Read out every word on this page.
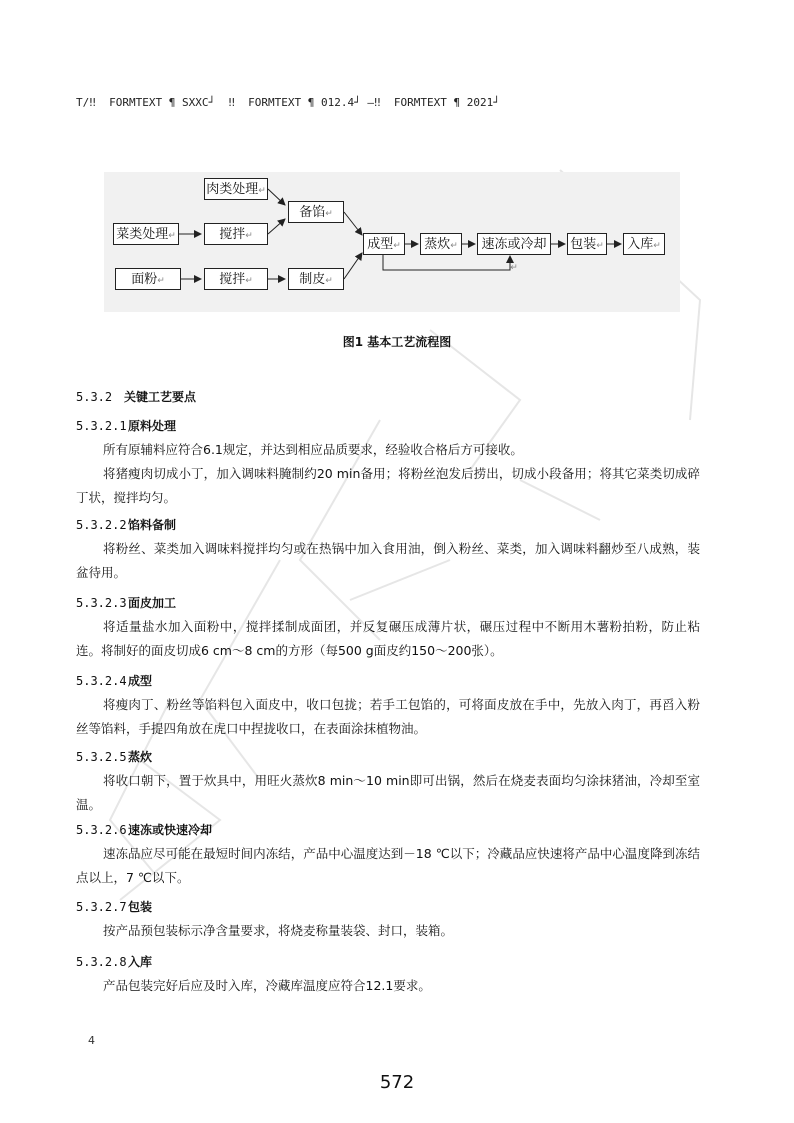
T/‼  FORMTEXT ¶ SXXC┘  ‼  FORMTEXT ¶ 012.4┘ —‼  FORMTEXT ¶ 2021┘
肉类处理↵
菜类处理↵	搅拌↵
备馅↵
面粉↵	搅拌↵	制皮↵
成型↵	蒸炊↵	速冻或冷却↵
包装↵	入库↵
图1 基本工艺流程图
5.3.2 关键工艺要点
5.3.2.1原料处理
所有原辅料应符合6.1规定，并达到相应品质要求，经验收合格后方可接收。
将猪瘦肉切成小丁，加入调味料腌制约20 min备用；将粉丝泡发后捞出，切成小段备用；将其它菜类切成碎丁状，搅拌均匀。
5.3.2.2馅料备制
将粉丝、菜类加入调味料搅拌均匀或在热锅中加入食用油，倒入粉丝、菜类，加入调味料翻炒至八成熟，装盆待用。
5.3.2.3面皮加工
将适量盐水加入面粉中，搅拌揉制成面团，并反复碾压成薄片状，碾压过程中不断用木薯粉拍粉，防止粘连。将制好的面皮切成6 cm～8 cm的方形（每500 g面皮约150～200张）。
5.3.2.4成型
将瘦肉丁、粉丝等馅料包入面皮中，收口包拢；若手工包馅的，可将面皮放在手中，先放入肉丁，再舀入粉丝等馅料，手提四角放在虎口中捏拢收口，在表面涂抹植物油。
5.3.2.5蒸炊
将收口朝下，置于炊具中，用旺火蒸炊8 min～10 min即可出锅，然后在烧麦表面均匀涂抹猪油，冷却至室温。
5.3.2.6速冻或快速冷却
速冻品应尽可能在最短时间内冻结，产品中心温度达到－18 ℃以下；冷藏品应快速将产品中心温度降到冻结点以上，7 ℃以下。
5.3.2.7包装
按产品预包装标示净含量要求，将烧麦称量装袋、封口，装箱。
5.3.2.8入库
产品包装完好后应及时入库，冷藏库温度应符合12.1要求。
4
572
